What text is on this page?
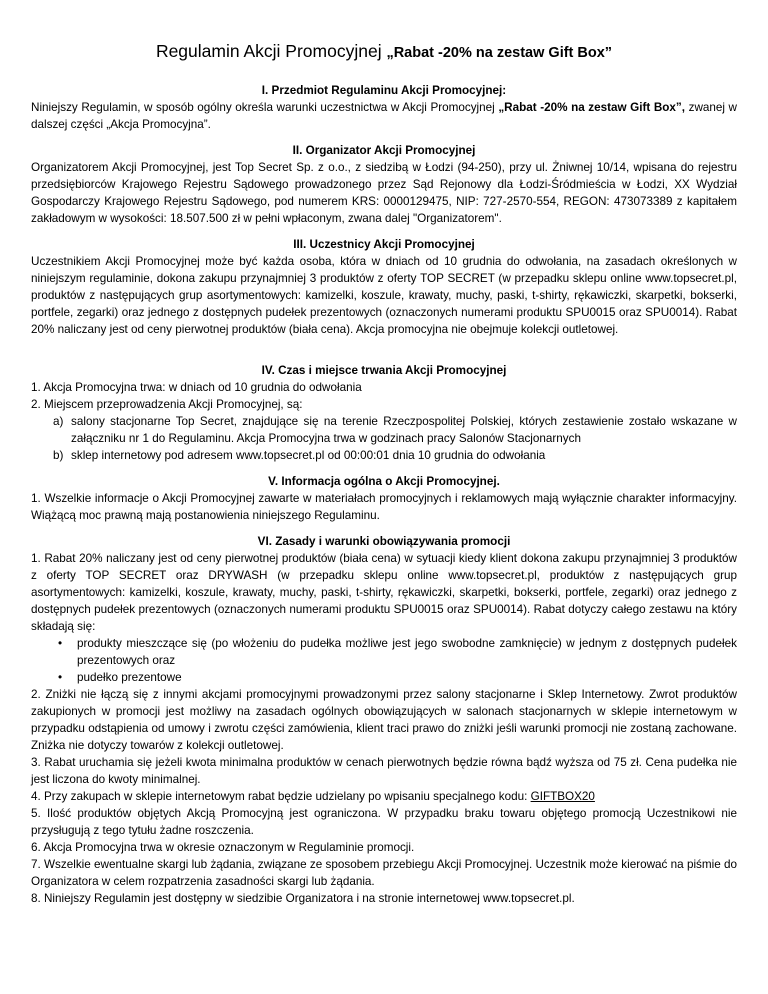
Regulamin Akcji Promocyjnej „Rabat -20% na zestaw Gift Box”

I. Przedmiot Regulaminu Akcji Promocyjnej:

Niniejszy Regulamin, w sposób ogólny określa warunki uczestnictwa w Akcji Promocyjnej „Rabat -20% na zestaw Gift Box”, zwanej w dalszej części „Akcja Promocyjna”.

II. Organizator Akcji Promocyjnej

Organizatorem Akcji Promocyjnej, jest Top Secret Sp. z o.o., z siedzibą w Łodzi (94-250), przy ul. Żniwnej 10/14, wpisana do rejestru przedsiębiorców Krajowego Rejestru Sądowego prowadzonego przez Sąd Rejonowy dla Łodzi-Śródmieścia w Łodzi, XX Wydział Gospodarczy Krajowego Rejestru Sądowego, pod numerem KRS: 0000129475, NIP: 727-2570-554, REGON: 473073389 z kapitałem zakładowym w wysokości: 18.507.500 zł w pełni wpłaconym, zwana dalej "Organizatorem".

III. Uczestnicy Akcji Promocyjnej

Uczestnikiem Akcji Promocyjnej może być każda osoba, która w dniach od 10 grudnia do odwołania, na zasadach określonych w niniejszym regulaminie, dokona zakupu przynajmniej 3 produktów z oferty TOP SECRET (w przepadku sklepu online www.topsecret.pl, produktów z następujących grup asortymentowych: kamizelki, koszule, krawaty, muchy, paski, t-shirty, rękawiczki, skarpetki, bokserki, portfele, zegarki) oraz jednego z dostępnych pudełek prezentowych (oznaczonych numerami produktu SPU0015 oraz SPU0014). Rabat 20% naliczany jest od ceny pierwotnej produktów (biała cena). Akcja promocyjna nie obejmuje kolekcji outletowej.

IV. Czas i miejsce trwania Akcji Promocyjnej

1. Akcja Promocyjna trwa: w dniach od 10 grudnia do odwołania

2. Miejscem przeprowadzenia Akcji Promocyjnej, są:

a) salony stacjonarne Top Secret, znajdujące się na terenie Rzeczpospolitej Polskiej, których zestawienie zostało wskazane w załączniku nr 1 do Regulaminu. Akcja Promocyjna trwa w godzinach pracy Salonów Stacjonarnych
b) sklep internetowy pod adresem www.topsecret.pl od 00:00:01 dnia 10 grudnia do odwołania

V. Informacja ogólna o Akcji Promocyjnej.

1. Wszelkie informacje o Akcji Promocyjnej zawarte w materiałach promocyjnych i reklamowych mają wyłącznie charakter informacyjny. Wiążącą moc prawną mają postanowienia niniejszego Regulaminu.

VI. Zasady i warunki obowiązywania promocji

1. Rabat 20% naliczany jest od ceny pierwotnej produktów (biała cena) w sytuacji kiedy klient dokona zakupu przynajmniej 3 produktów z oferty TOP SECRET oraz DRYWASH (w przepadku sklepu online www.topsecret.pl, produktów z następujących grup asortymentowych: kamizelki, koszule, krawaty, muchy, paski, t-shirty, rękawiczki, skarpetki, bokserki, portfele, zegarki) oraz jednego z dostępnych pudełek prezentowych (oznaczonych numerami produktu SPU0015 oraz SPU0014). Rabat dotyczy całego zestawu na który składają się:

•	produkty mieszczące się (po włożeniu do pudełka możliwe jest jego swobodne zamknięcie) w jednym z dostępnych pudełek prezentowych oraz
•	pudełko prezentowe

2. Zniżki nie łączą się z innymi akcjami promocyjnymi prowadzonymi przez salony stacjonarne i Sklep Internetowy. Zwrot produktów zakupionych w promocji jest możliwy na zasadach ogólnych obowiązujących w salonach stacjonarnych w sklepie internetowym w przypadku odstąpienia od umowy i zwrotu części zamówienia, klient traci prawo do zniżki jeśli warunki promocji nie zostaną zachowane. Zniżka nie dotyczy towarów z kolekcji outletowej.

3. Rabat uruchamia się jeżeli kwota minimalna produktów w cenach pierwotnych będzie równa bądź wyższa od 75 zł. Cena pudełka nie jest liczona do kwoty minimalnej.

4. Przy zakupach w sklepie internetowym rabat będzie udzielany po wpisaniu specjalnego kodu: GIFTBOX20

5. Ilość produktów objętych Akcją Promocyjną jest ograniczona. W przypadku braku towaru objętego promocją Uczestnikowi nie przysługują z tego tytułu żadne roszczenia.

6. Akcja Promocyjna trwa w okresie oznaczonym w Regulaminie promocji.

7. Wszelkie ewentualne skargi lub żądania, związane ze sposobem przebiegu Akcji Promocyjnej. Uczestnik może kierować na piśmie do Organizatora w celem rozpatrzenia zasadności skargi lub żądania.

8. Niniejszy Regulamin jest dostępny w siedzibie Organizatora i na stronie internetowej www.topsecret.pl.
